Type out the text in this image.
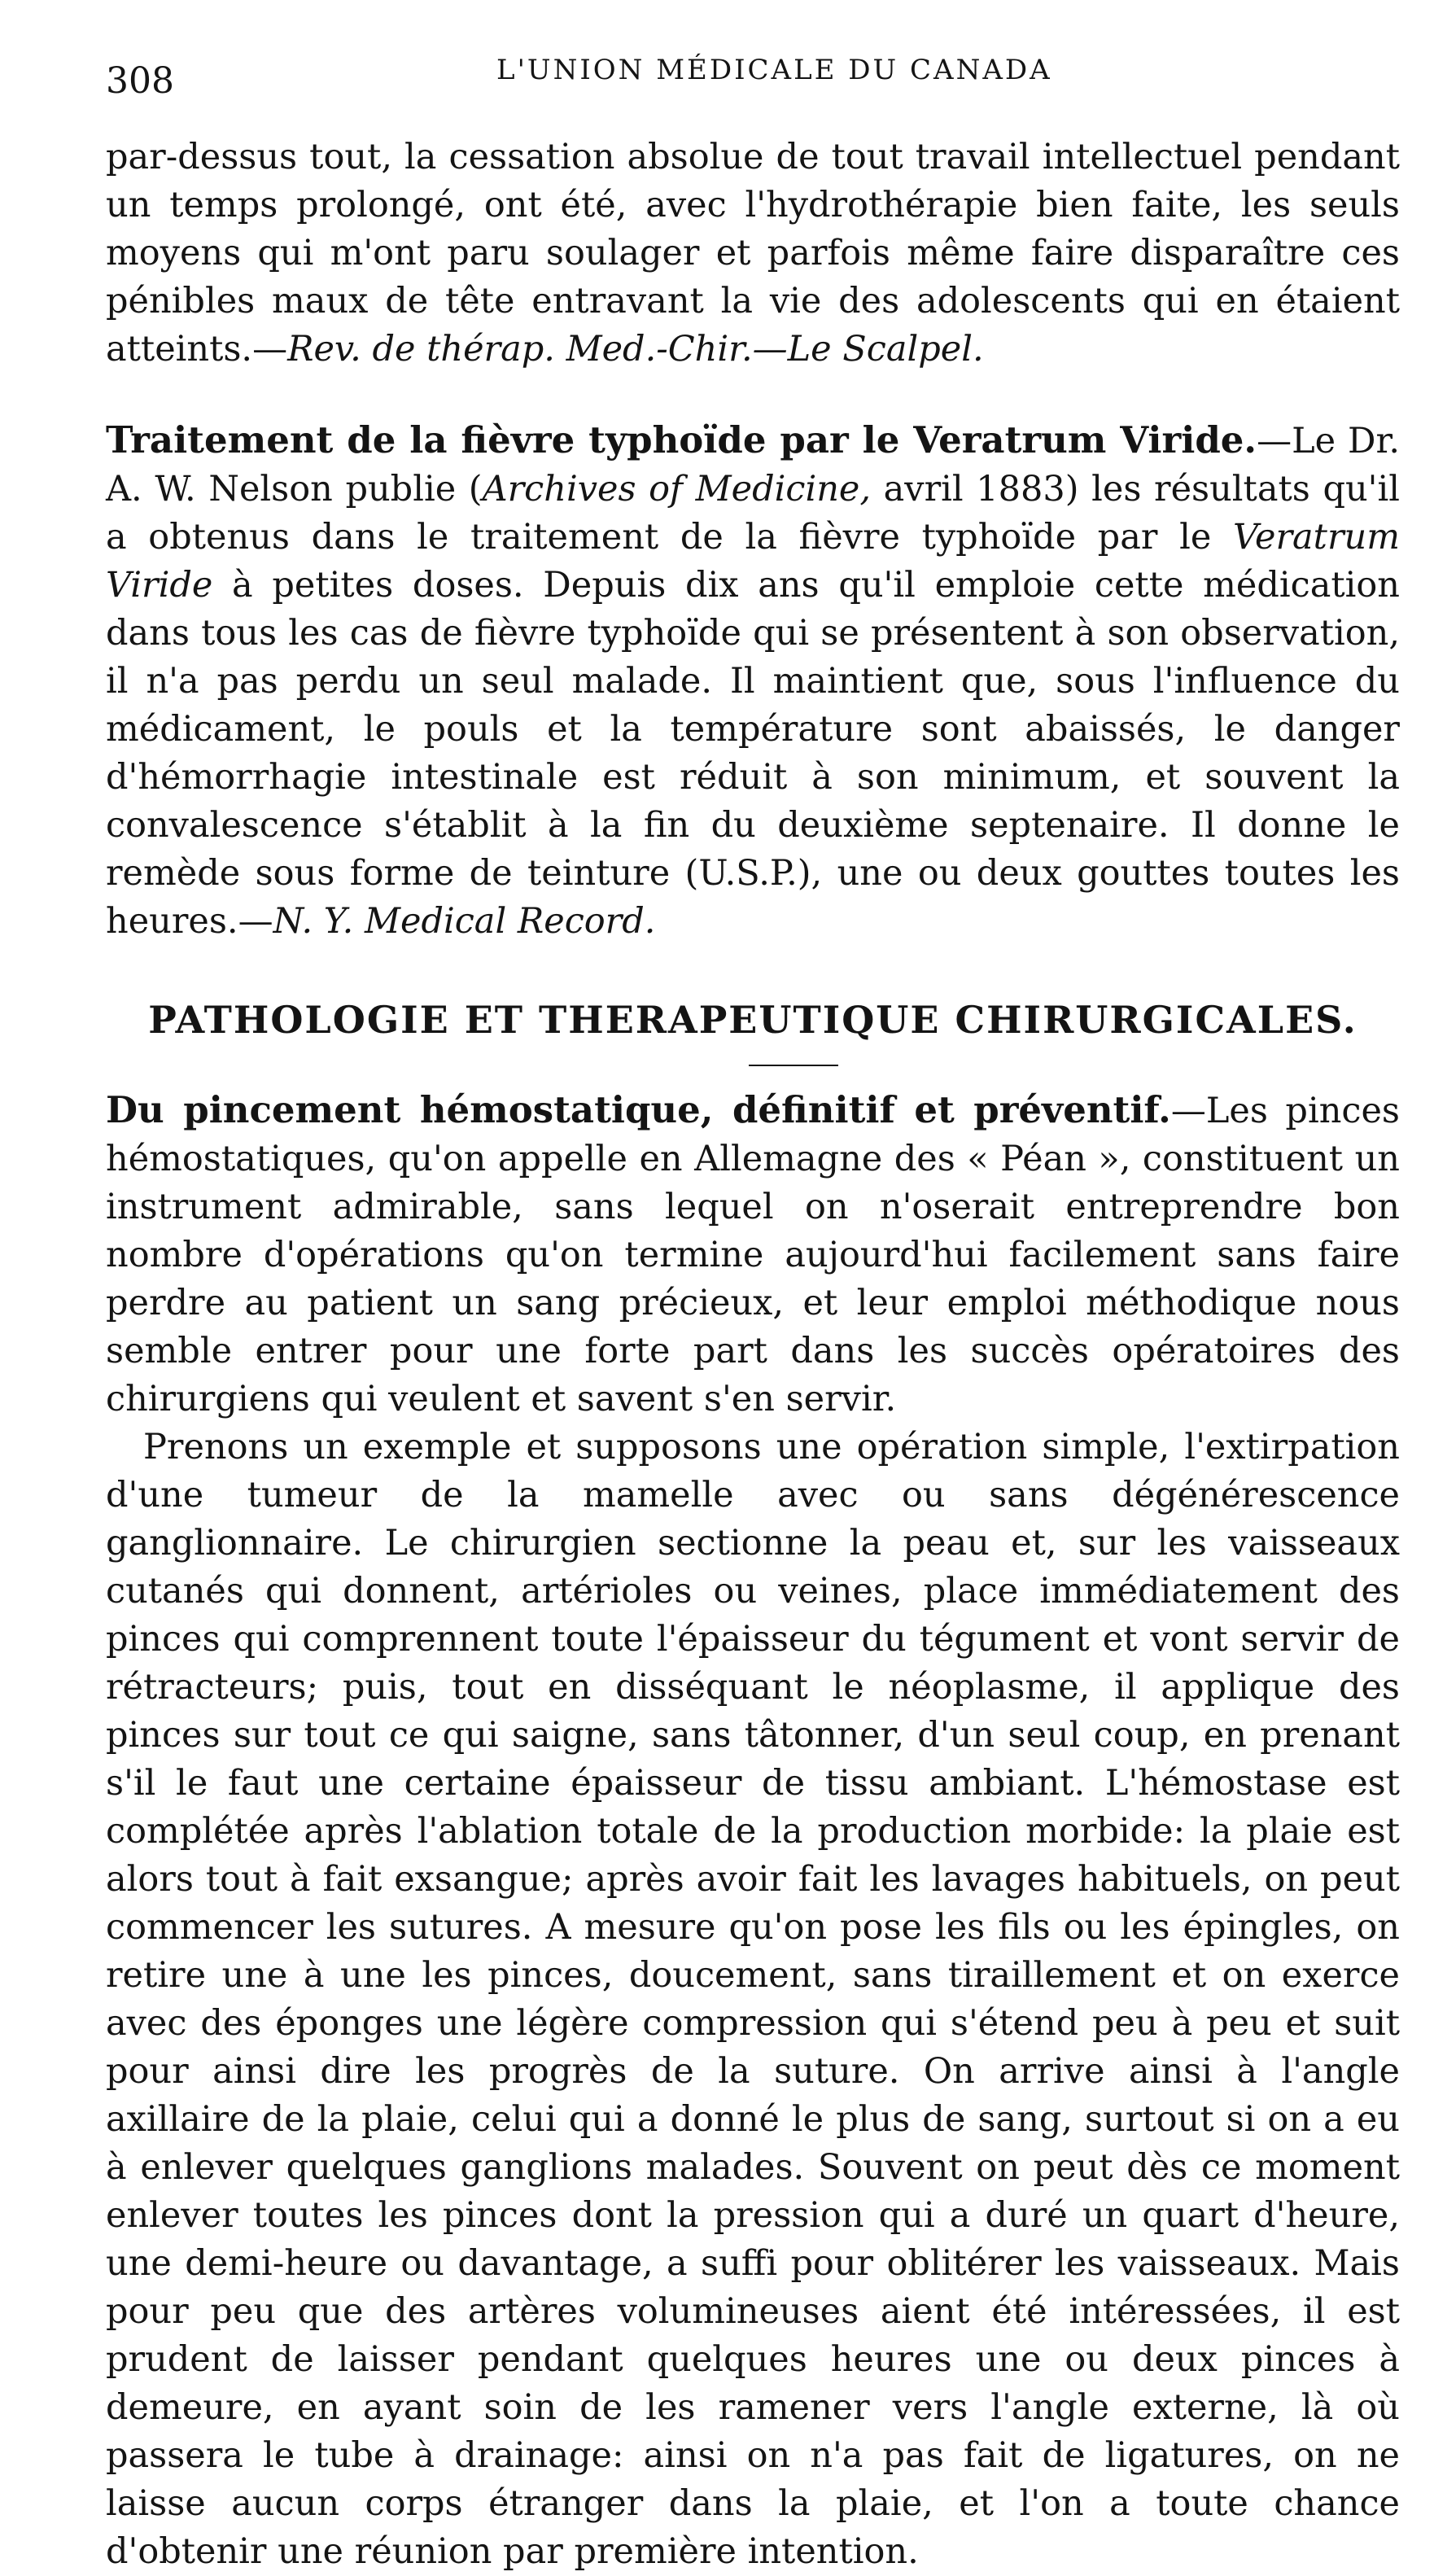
308	L'UNION MÉDICALE DU CANADA

par-dessus tout, la cessation absolue de tout travail intellectuel pendant un temps prolongé, ont été, avec l'hydrothérapie bien faite, les seuls moyens qui m'ont paru soulager et parfois même faire disparaître ces pénibles maux de tête entravant la vie des adolescents qui en étaient atteints.—Rev. de thérap. Med.-Chir.—Le Scalpel.

Traitement de la fièvre typhoïde par le Veratrum Viride.—Le Dr. A. W. Nelson publie (Archives of Medicine, avril 1883) les résultats qu'il a obtenus dans le traitement de la fièvre typhoïde par le Veratrum Viride à petites doses. Depuis dix ans qu'il emploie cette médication dans tous les cas de fièvre typhoïde qui se présentent à son observation, il n'a pas perdu un seul malade. Il maintient que, sous l'influence du médicament, le pouls et la température sont abaissés, le danger d'hémorrhagie intestinale est réduit à son minimum, et souvent la convalescence s'établit à la fin du deuxième septenaire. Il donne le remède sous forme de teinture (U.S.P.), une ou deux gouttes toutes les heures.—N. Y. Medical Record.

PATHOLOGIE ET THERAPEUTIQUE CHIRURGICALES.

Du pincement hémostatique, définitif et préventif.—Les pinces hémostatiques, qu'on appelle en Allemagne des « Péan », constituent un instrument admirable, sans lequel on n'oserait entreprendre bon nombre d'opérations qu'on termine aujourd'hui facilement sans faire perdre au patient un sang précieux, et leur emploi méthodique nous semble entrer pour une forte part dans les succès opératoires des chirurgiens qui veulent et savent s'en servir.

Prenons un exemple et supposons une opération simple, l'extirpation d'une tumeur de la mamelle avec ou sans dégénérescence ganglionnaire. Le chirurgien sectionne la peau et, sur les vaisseaux cutanés qui donnent, artérioles ou veines, place immédiatement des pinces qui comprennent toute l'épaisseur du tégument et vont servir de rétracteurs; puis, tout en disséquant le néoplasme, il applique des pinces sur tout ce qui saigne, sans tâtonner, d'un seul coup, en prenant s'il le faut une certaine épaisseur de tissu ambiant. L'hémostase est complétée après l'ablation totale de la production morbide: la plaie est alors tout à fait exsangue; après avoir fait les lavages habituels, on peut commencer les sutures. A mesure qu'on pose les fils ou les épingles, on retire une à une les pinces, doucement, sans tiraillement et on exerce avec des éponges une légère compression qui s'étend peu à peu et suit pour ainsi dire les progrès de la suture. On arrive ainsi à l'angle axillaire de la plaie, celui qui a donné le plus de sang, surtout si on a eu à enlever quelques ganglions malades. Souvent on peut dès ce moment enlever toutes les pinces dont la pression qui a duré un quart d'heure, une demi-heure ou davantage, a suffi pour oblitérer les vaisseaux. Mais pour peu que des artères volumineuses aient été intéressées, il est prudent de laisser pendant quelques heures une ou deux pinces à demeure, en ayant soin de les ramener vers l'angle externe, là où passera le tube à drainage: ainsi on n'a pas fait de ligatures, on ne laisse aucun corps étranger dans la plaie, et l'on a toute chance d'obtenir une réunion par première intention.
